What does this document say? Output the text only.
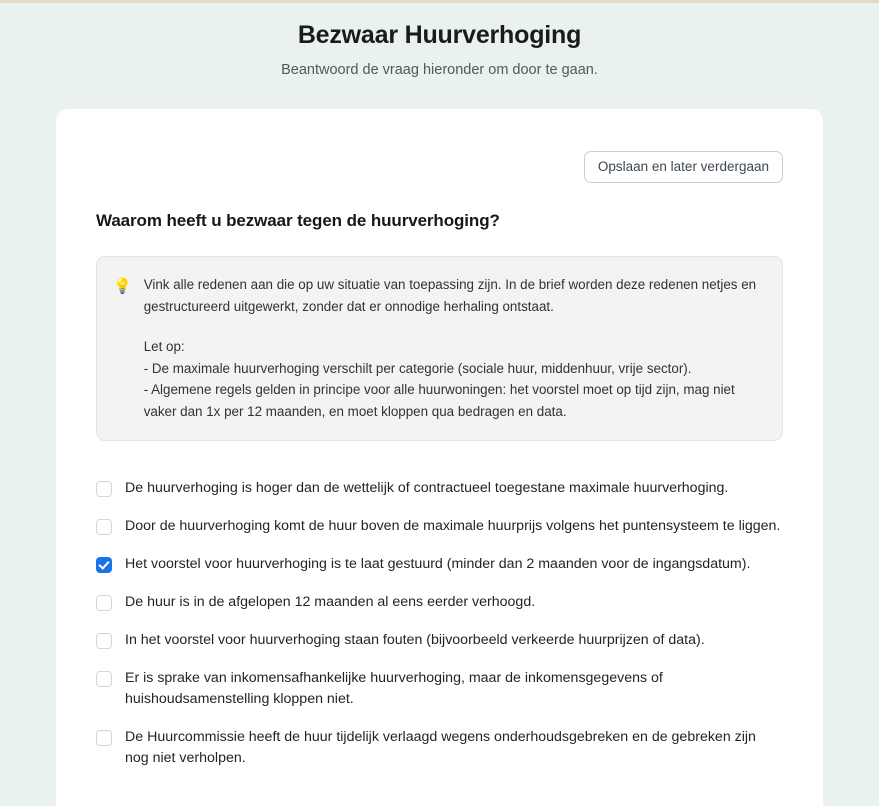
Bezwaar Huurverhoging
Beantwoord de vraag hieronder om door te gaan.
Opslaan en later verdergaan
Waarom heeft u bezwaar tegen de huurverhoging?
💡 Vink alle redenen aan die op uw situatie van toepassing zijn. In de brief worden deze redenen netjes en gestructureerd uitgewerkt, zonder dat er onnodige herhaling ontstaat.

Let op:
- De maximale huurverhoging verschilt per categorie (sociale huur, middenhuur, vrije sector).
- Algemene regels gelden in principe voor alle huurwoningen: het voorstel moet op tijd zijn, mag niet vaker dan 1x per 12 maanden, en moet kloppen qua bedragen en data.
De huurverhoging is hoger dan de wettelijk of contractueel toegestane maximale huurverhoging.
Door de huurverhoging komt de huur boven de maximale huurprijs volgens het puntensysteem te liggen.
Het voorstel voor huurverhoging is te laat gestuurd (minder dan 2 maanden voor de ingangsdatum).
De huur is in de afgelopen 12 maanden al eens eerder verhoogd.
In het voorstel voor huurverhoging staan fouten (bijvoorbeeld verkeerde huurprijzen of data).
Er is sprake van inkomensafhankelijke huurverhoging, maar de inkomensgegevens of huishoudsamenstelling kloppen niet.
De Huurcommissie heeft de huur tijdelijk verlaagd wegens onderhoudsgebreken en de gebreken zijn nog niet verholpen.
